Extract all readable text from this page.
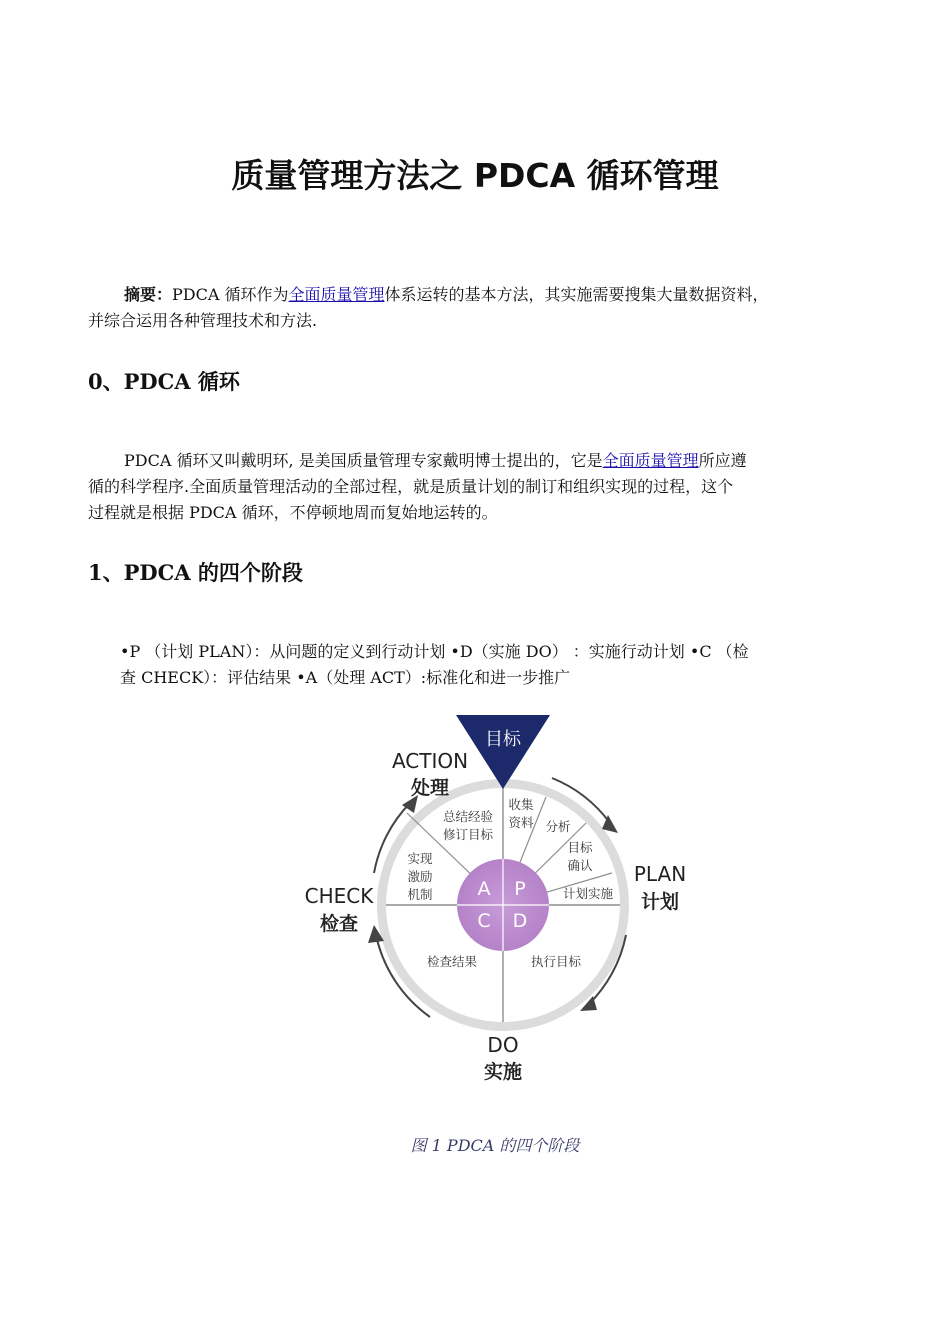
质量管理方法之 PDCA 循环管理

摘要：PDCA 循环作为全面质量管理体系运转的基本方法，其实施需要搜集大量数据资料，
并综合运用各种管理技术和方法.

0、PDCA 循环

PDCA 循环又叫戴明环, 是美国质量管理专家戴明博士提出的，它是全面质量管理所应遵
循的科学程序.全面质量管理活动的全部过程，就是质量计划的制订和组织实现的过程，这个
过程就是根据 PDCA 循环，不停顿地周而复始地运转的。

1、PDCA 的四个阶段

•P （计划 PLAN）：从问题的定义到行动计划 •D（实施 DO） ：实施行动计划 •C （检
查 CHECK）：评估结果 •A（处理 ACT）:标准化和进一步推广

A P
C D
目标
ACTION
处理
PLAN
计划
CHECK
检查
DO
实施
总结经验
修订目标
实现
激励
机制
收集
资料 分析
目标
确认
计划实施
检查结果	执行目标

图 1 PDCA 的四个阶段
